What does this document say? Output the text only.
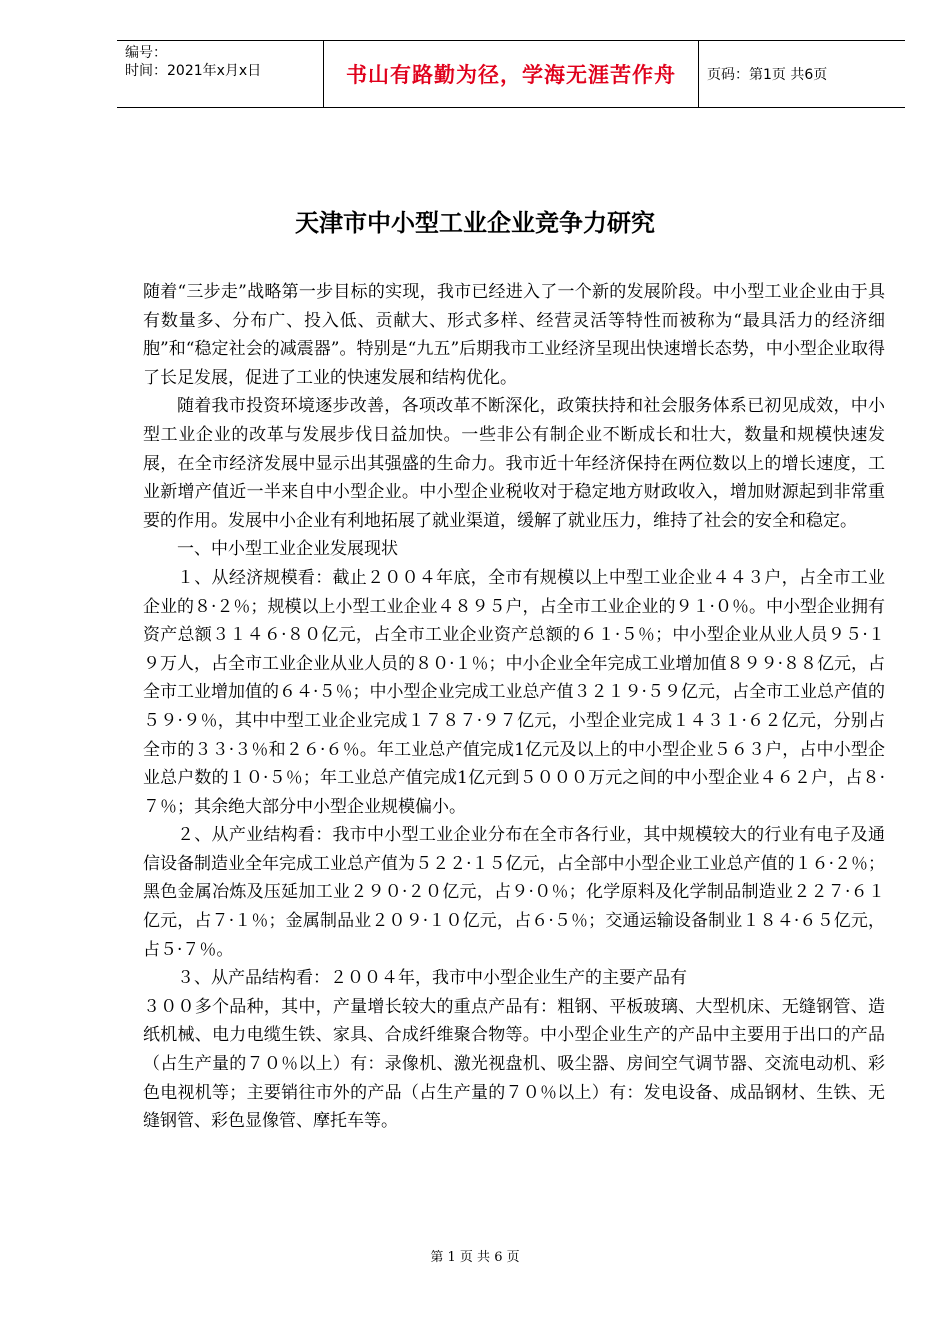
编号：
时间：2021年x月x日	书山有路勤为径，学海无涯苦作舟	页码：第1页 共6页
天津市中小型工业企业竞争力研究

随着“三步走”战略第一步目标的实现，我市已经进入了一个新的发展阶段。中小型工业企业由于具有数量多、分布广、投入低、贡献大、形式多样、经营灵活等特性而被称为“最具活力的经济细胞”和“稳定社会的减震器”。特别是“九五”后期我市工业经济呈现出快速增长态势，中小型企业取得了长足发展，促进了工业的快速发展和结构优化。

随着我市投资环境逐步改善，各项改革不断深化，政策扶持和社会服务体系已初见成效，中小型工业企业的改革与发展步伐日益加快。一些非公有制企业不断成长和壮大，数量和规模快速发展，在全市经济发展中显示出其强盛的生命力。我市近十年经济保持在两位数以上的增长速度，工业新增产值近一半来自中小型企业。中小型企业税收对于稳定地方财政收入，增加财源起到非常重要的作用。发展中小企业有利地拓展了就业渠道，缓解了就业压力，维持了社会的安全和稳定。

一、中小型工业企业发展现状

１、从经济规模看：截止２００４年底，全市有规模以上中型工业企业４４３户，占全市工业企业的８·２％；规模以上小型工业企业４８９５户，占全市工业企业的９１·０％。中小型企业拥有资产总额３１４６·８０亿元，占全市工业企业资产总额的６１·５％；中小型企业从业人员９５·１９万人，占全市工业企业从业人员的８０·１％；中小企业全年完成工业增加值８９９·８８亿元，占全市工业增加值的６４·５％；中小型企业完成工业总产值３２１９·５９亿元，占全市工业总产值的５９·９％，其中中型工业企业完成１７８７·９７亿元，小型企业完成１４３１·６２亿元，分别占全市的３３·３％和２６·６％。年工业总产值完成1亿元及以上的中小型企业５６３户，占中小型企业总户数的１０·５％；年工业总产值完成1亿元到５０００万元之间的中小型企业４６２户，占８·７％；其余绝大部分中小型企业规模偏小。

２、从产业结构看：我市中小型工业企业分布在全市各行业，其中规模较大的行业有电子及通信设备制造业全年完成工业总产值为５２２·１５亿元，占全部中小型企业工业总产值的１６·２％；黑色金属冶炼及压延加工业２９０·２０亿元，占９·０％；化学原料及化学制品制造业２２７·６１亿元，占７·１％；金属制品业２０９·１０亿元，占６·５％；交通运输设备制业１８４·６５亿元，占５·７％。

３、从产品结构看：２００４年，我市中小型企业生产的主要产品有

３００多个品种，其中，产量增长较大的重点产品有：粗钢、平板玻璃、大型机床、无缝钢管、造纸机械、电力电缆生铁、家具、合成纤维聚合物等。中小型企业生产的产品中主要用于出口的产品（占生产量的７０％以上）有：录像机、激光视盘机、吸尘器、房间空气调节器、交流电动机、彩色电视机等；主要销往市外的产品（占生产量的７０％以上）有：发电设备、成品钢材、生铁、无缝钢管、彩色显像管、摩托车等。

第 1 页 共 6 页
